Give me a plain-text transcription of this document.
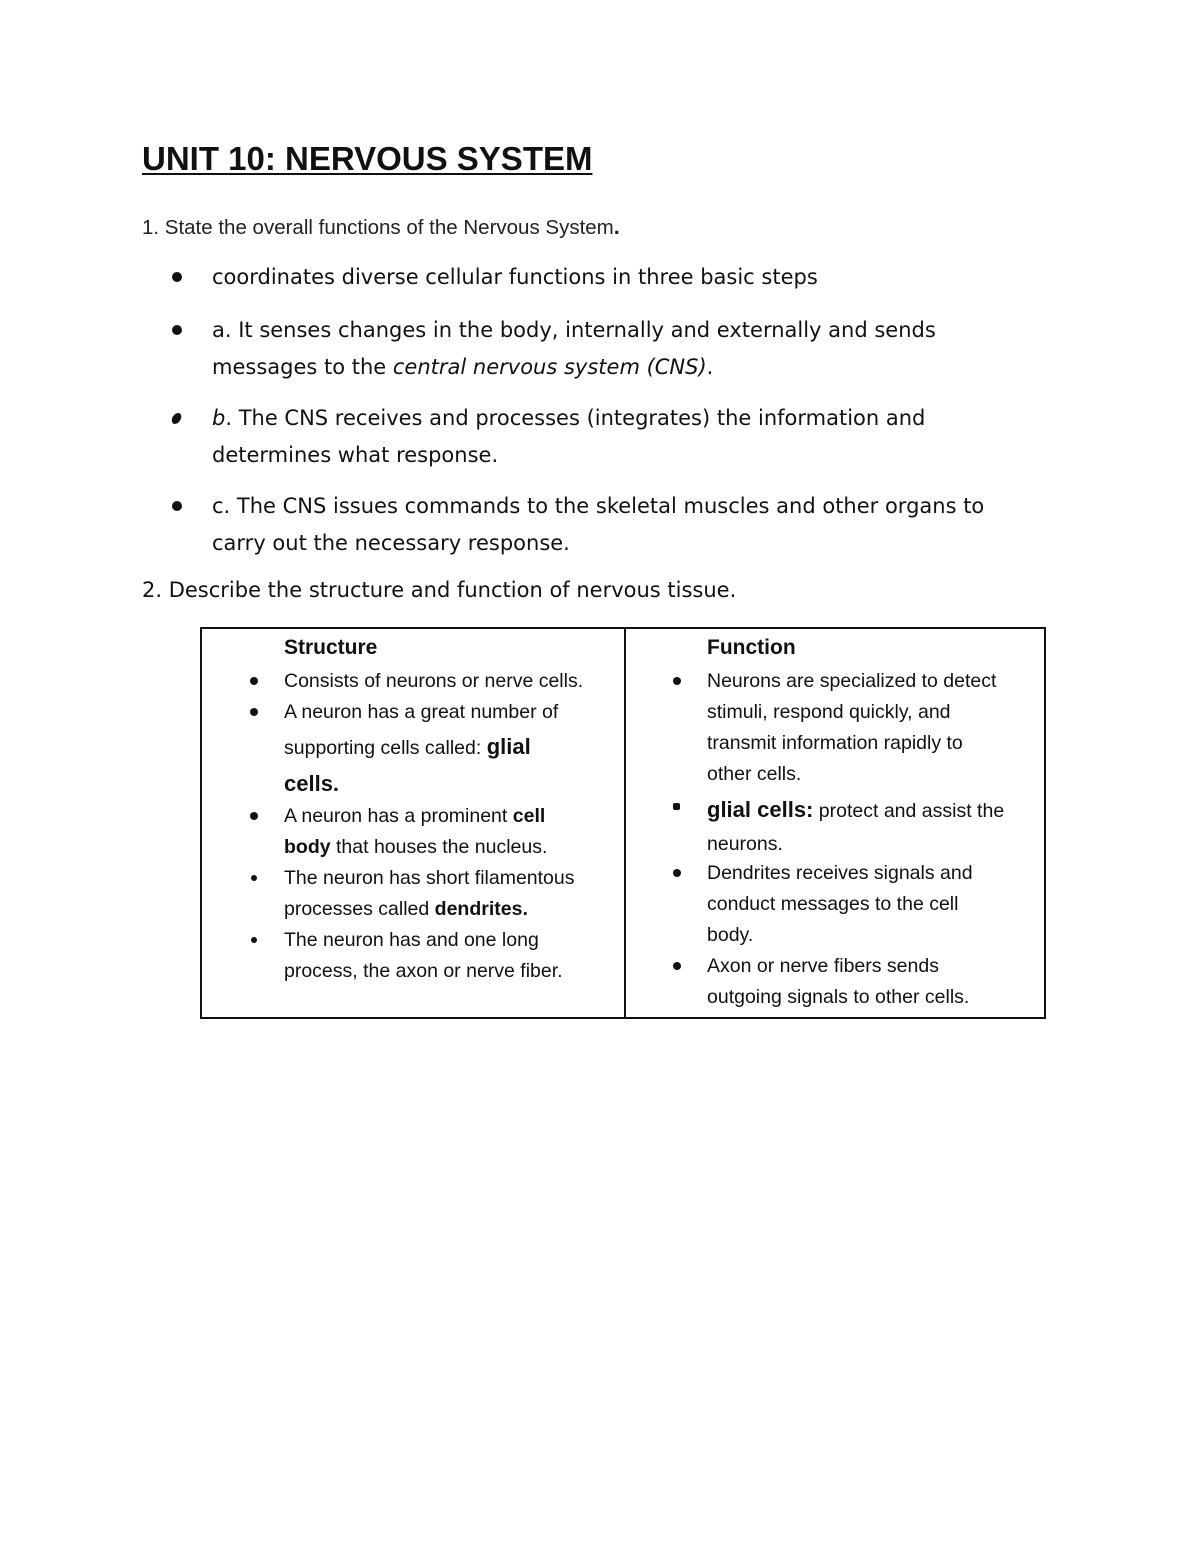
UNIT 10: NERVOUS SYSTEM
1. State the overall functions of the Nervous System.
coordinates diverse cellular functions in three basic steps
a. It senses changes in the body, internally and externally and sends
messages to the central nervous system (CNS).
b. The CNS receives and processes (integrates) the information and
determines what response.
c. The CNS issues commands to the skeletal muscles and other organs to
carry out the necessary response.
2. Describe the structure and function of nervous tissue.
Structure
Consists of neurons or nerve cells.
A neuron has a great number of
supporting cells called: glial
cells.
A neuron has a prominent cell
body that houses the nucleus.
The neuron has short filamentous
processes called dendrites.
The neuron has and one long
process, the axon or nerve fiber.
Function
Neurons are specialized to detect
stimuli, respond quickly, and
transmit information rapidly to
other cells.
glial cells: protect and assist the
neurons.
Dendrites receives signals and
conduct messages to the cell
body.
Axon or nerve fibers sends
outgoing signals to other cells.
